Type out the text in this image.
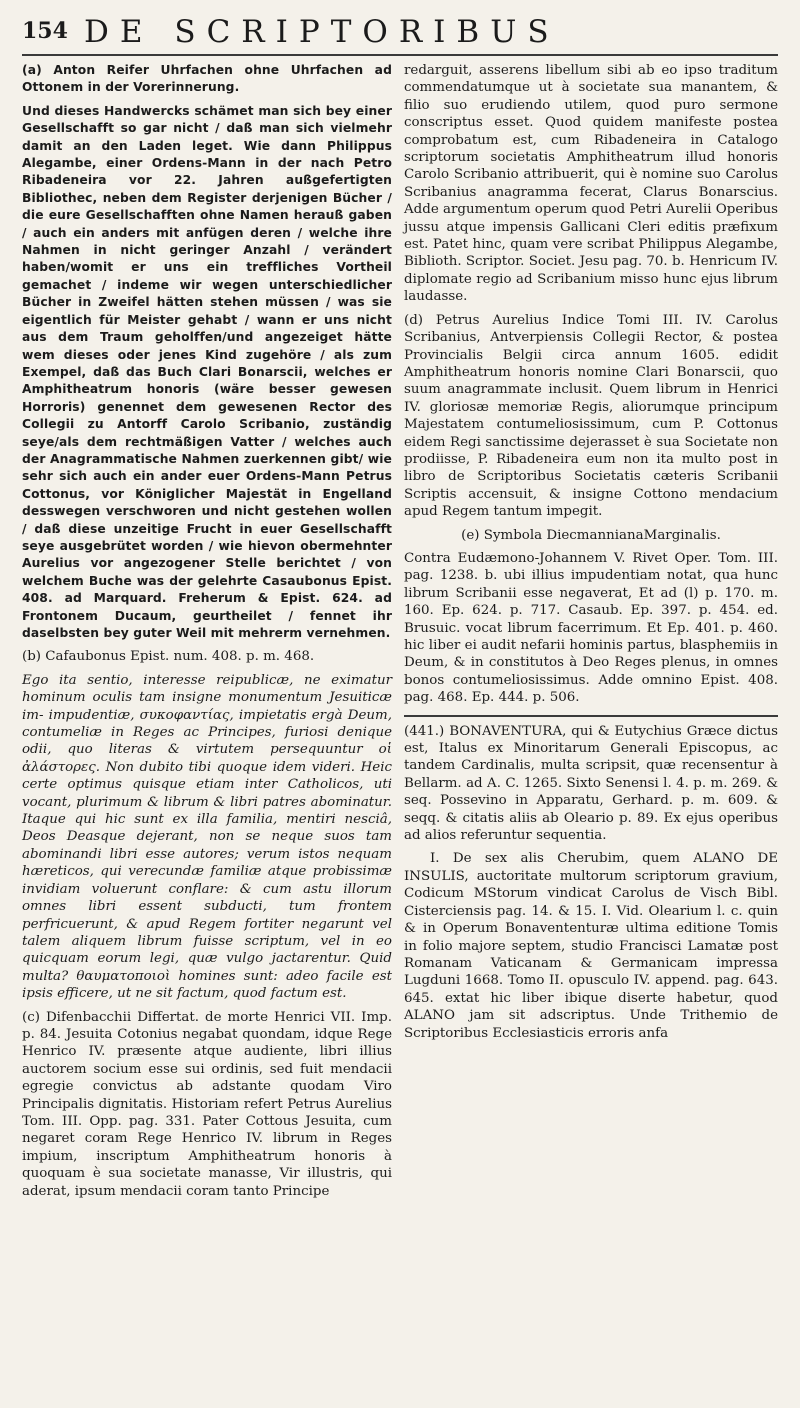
154 DE SCRIPTORIBUS

(a) Anton Reifer Uhrfachen ohne Uhrfachen ad Ottonem in der Vorerinnerung.

Und dieses Handwercks schämet man sich bey einer Gesellschafft so gar nicht / daß man sich vielmehr damit an den Laden leget. Wie dann Philippus Alegambe, einer Ordens-Mann in der nach Petro Ribadeneira vor 22. Jahren außgefertigten Bibliothec, neben dem Register derjenigen Bücher / die eure Gesellschafften ohne Namen herauß gaben / auch ein anders mit anfügen deren / welche ihre Nahmen in nicht geringer Anzahl / verändert haben/womit er uns ein treffliches Vortheil gemachet / indeme wir wegen unterschiedlicher Bücher in Zweifel hätten stehen müssen / was sie eigentlich für Meister gehabt / wann er uns nicht aus dem Traum geholffen/und angezeiget hätte wem dieses oder jenes Kind zugehöre / als zum Exempel, daß das Buch Clari Bonarscii, welches er Amphitheatrum honoris (wäre besser gewesen Horroris) genennet dem gewesenen Rector des Collegii zu Antorff Carolo Scribanio, zuständig seye/als dem rechtmäßigen Vatter / welches auch der Anagrammatische Nahmen zuerkennen gibt/ wie sehr sich auch ein ander euer Ordens-Mann Petrus Cottonus, vor Königlicher Majestät in Engelland desswegen verschworen und nicht gestehen wollen / daß diese unzeitige Frucht in euer Gesellschafft seye ausgebrütet worden / wie hievon obermehnter Aurelius vor angezogener Stelle berichtet / von welchem Buche was der gelehrte Casaubonus Epist. 408. ad Marquard. Freherum & Epist. 624. ad Frontonem Ducaum, geurtheilet / fennet ihr daselbsten bey guter Weil mit mehrerm vernehmen.

(b) Cafaubonus Epist. num. 408. p. m. 468.

Ego ita sentio, interesse reipublicæ, ne eximatur hominum oculis tam insigne monumentum Jesuiticæ im- impudentiæ, συκοφαντίας, impietatis ergà Deum, contumeliæ in Reges ac Principes, furiosi denique odii, quo literas & virtutem persequuntur οἱ ἀλάστορες. Non dubito tibi quoque idem videri. Heic certe optimus quisque etiam inter Catholicos, uti vocant, plurimum & librum & libri patres abominatur. Itaque qui hic sunt ex illa familia, mentiri nesciâ, Deos Deasque dejerant, non se neque suos tam abominandi libri esse autores; verum istos nequam hæreticos, qui verecundæ familiæ atque probissimæ invidiam voluerunt conflare: & cum astu illorum omnes libri essent subducti, tum frontem perfricuerunt, & apud Regem fortiter negarunt vel talem aliquem librum fuisse scriptum, vel in eo quicquam eorum legi, quæ vulgo jactarentur. Quid multa? θαυματοποιοὶ homines sunt: adeo facile est ipsis efficere, ut ne sit factum, quod factum est.

(c) Difenbacchii Differtat. de morte Henrici VII. Imp. p. 84. Jesuita Cotonius negabat quondam, idque Rege Henrico IV. præsente atque audiente, libri illius auctorem socium esse sui ordinis, sed fuit mendacii egregie convictus ab adstante quodam Viro Principalis dignitatis. Historiam refert Petrus Aurelius Tom. III. Opp. pag. 331. Pater Cottous Jesuita, cum negaret coram Rege Henrico IV. librum in Reges impium, inscriptum Amphitheatrum honoris à quoquam è sua societate manasse, Vir illustris, qui aderat, ipsum mendacii coram tanto Principe

redarguit, asserens libellum sibi ab eo ipso traditum commendatumque ut à societate sua manantem, & filio suo erudiendo utilem, quod puro sermone conscriptus esset. Quod quidem manifeste postea comprobatum est, cum Ribadeneira in Catalogo scriptorum societatis Amphitheatrum illud honoris Carolo Scribanio attribuerit, qui è nomine suo Carolus Scribanius anagramma fecerat, Clarus Bonarscius. Adde argumentum operum quod Petri Aurelii Operibus jussu atque impensis Gallicani Cleri editis præfixum est. Patet hinc, quam vere scribat Philippus Alegambe, Biblioth. Scriptor. Societ. Jesu pag. 70. b. Henricum IV. diplomate regio ad Scribanium misso hunc ejus librum laudasse.

(d) Petrus Aurelius Indice Tomi III. IV. Carolus Scribanius, Antverpiensis Collegii Rector, & postea Provincialis Belgii circa annum 1605. edidit Amphitheatrum honoris nomine Clari Bonarscii, quo suum anagrammate inclusit. Quem librum in Henrici IV. gloriosæ memoriæ Regis, aliorumque principum Majestatem contumeliosissimum, cum P. Cottonus eidem Regi sanctissime dejerasset è sua Societate non prodiisse, P. Ribadeneira eum non ita multo post in libro de Scriptoribus Societatis cæteris Scribanii Scriptis accensuit, & insigne Cottono mendacium apud Regem tantum impegit.

(e) Symbola DiecmannianaMarginalis.

Contra Eudæmono-Johannem V. Rivet Oper. Tom. III. pag. 1238. b. ubi illius impudentiam notat, qua hunc librum Scribanii esse negaverat, Et ad (l) p. 170. m. 160. Ep. 624. p. 717. Casaub. Ep. 397. p. 454. ed. Brusuic. vocat librum facerrimum. Et Ep. 401. p. 460. hic liber ei audit nefarii hominis partus, blasphemiis in Deum, & in constitutos à Deo Reges plenus, in omnes bonos contumeliosissimus. Adde omnino Epist. 408. pag. 468. Ep. 444. p. 506.

(441.) BONAVENTURA, qui & Eutychius Græce dictus est, Italus ex Minoritarum Generali Episcopus, ac tandem Cardinalis, multa scripsit, quæ recensentur à Bellarm. ad A. C. 1265. Sixto Senensi l. 4. p. m. 269. & seq. Possevino in Apparatu, Gerhard. p. m. 609. & seqq. & citatis aliis ab Oleario p. 89. Ex ejus operibus ad alios referuntur sequentia.

I. De sex alis Cherubim, quem ALANO DE INSULIS, auctoritate multorum scriptorum gravium, Codicum MStorum vindicat Carolus de Visch Bibl. Cisterciensis pag. 14. & 15. I. Vid. Olearium l. c. quin & in Operum Bonavententuræ ultima editione Tomis in folio majore septem, studio Francisci Lamatæ post Romanam Vaticanam & Germanicam impressa Lugduni 1668. Tomo II. opusculo IV. append. pag. 643. 645. extat hic liber ibique diserte habetur, quod ALANO jam sit adscriptus. Unde Trithemio de Scriptoribus Ecclesiasticis erroris anfa
